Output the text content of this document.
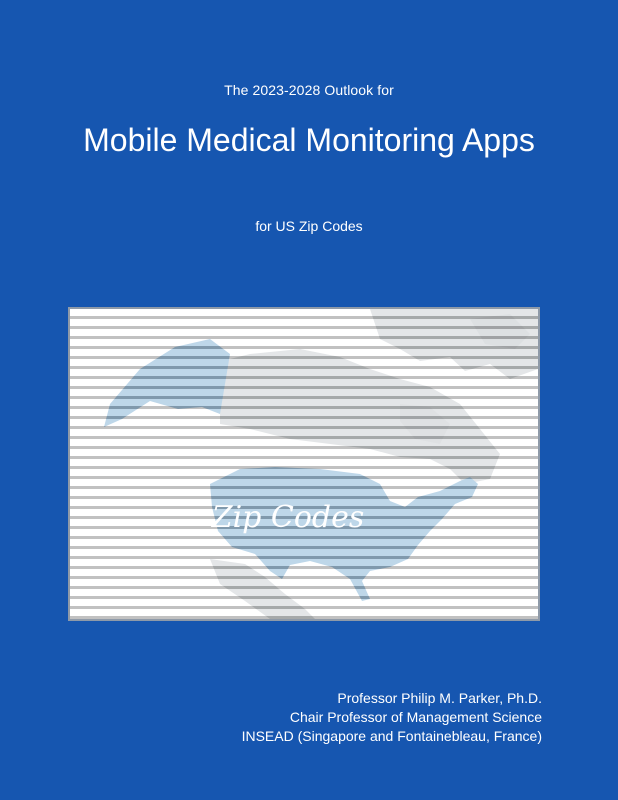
The 2023-2028 Outlook for
Mobile Medical Monitoring Apps
for US Zip Codes
Zip Codes
Professor Philip M. Parker, Ph.D.
Chair Professor of Management Science
INSEAD (Singapore and Fontainebleau, France)
